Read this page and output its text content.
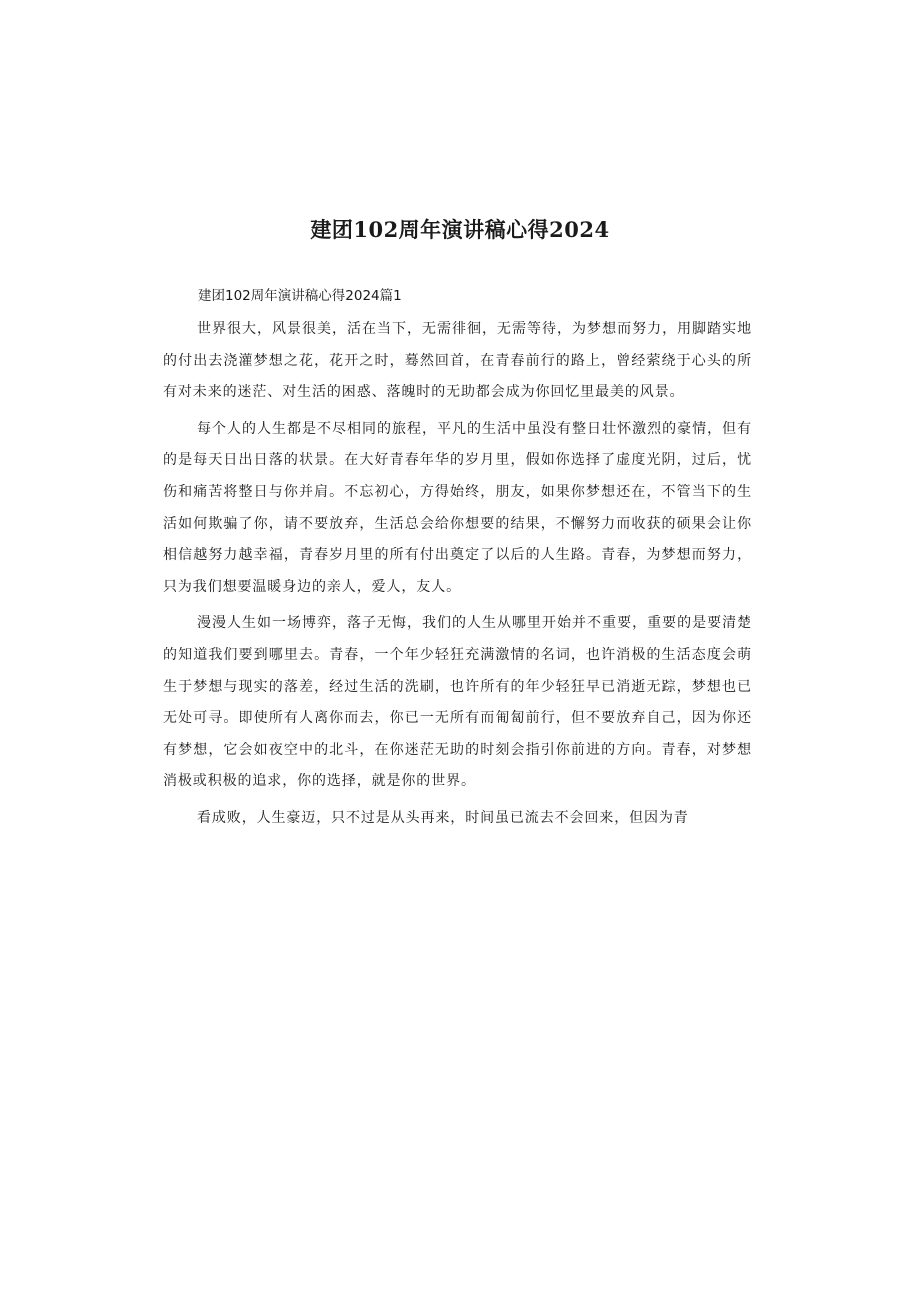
建团102周年演讲稿心得2024

建团102周年演讲稿心得2024篇1

世界很大，风景很美，活在当下，无需徘徊，无需等待，为梦想而努力，用脚踏实地的付出去浇灌梦想之花，花开之时，蓦然回首，在青春前行的路上，曾经萦绕于心头的所有对未来的迷茫、对生活的困惑、落魄时的无助都会成为你回忆里最美的风景。

每个人的人生都是不尽相同的旅程，平凡的生活中虽没有整日壮怀激烈的豪情，但有的是每天日出日落的状景。在大好青春年华的岁月里，假如你选择了虚度光阴，过后，忧伤和痛苦将整日与你并肩。不忘初心，方得始终，朋友，如果你梦想还在，不管当下的生活如何欺骗了你，请不要放弃，生活总会给你想要的结果，不懈努力而收获的硕果会让你相信越努力越幸福，青春岁月里的所有付出奠定了以后的人生路。青春，为梦想而努力，只为我们想要温暖身边的亲人，爱人，友人。

漫漫人生如一场博弈，落子无悔，我们的人生从哪里开始并不重要，重要的是要清楚的知道我们要到哪里去。青春，一个年少轻狂充满激情的名词，也许消极的生活态度会萌生于梦想与现实的落差，经过生活的洗刷，也许所有的年少轻狂早已消逝无踪，梦想也已无处可寻。即使所有人离你而去，你已一无所有而匍匐前行，但不要放弃自己，因为你还有梦想，它会如夜空中的北斗，在你迷茫无助的时刻会指引你前进的方向。青春，对梦想消极或积极的追求，你的选择，就是你的世界。

看成败，人生豪迈，只不过是从头再来，时间虽已流去不会回来，但因为青
